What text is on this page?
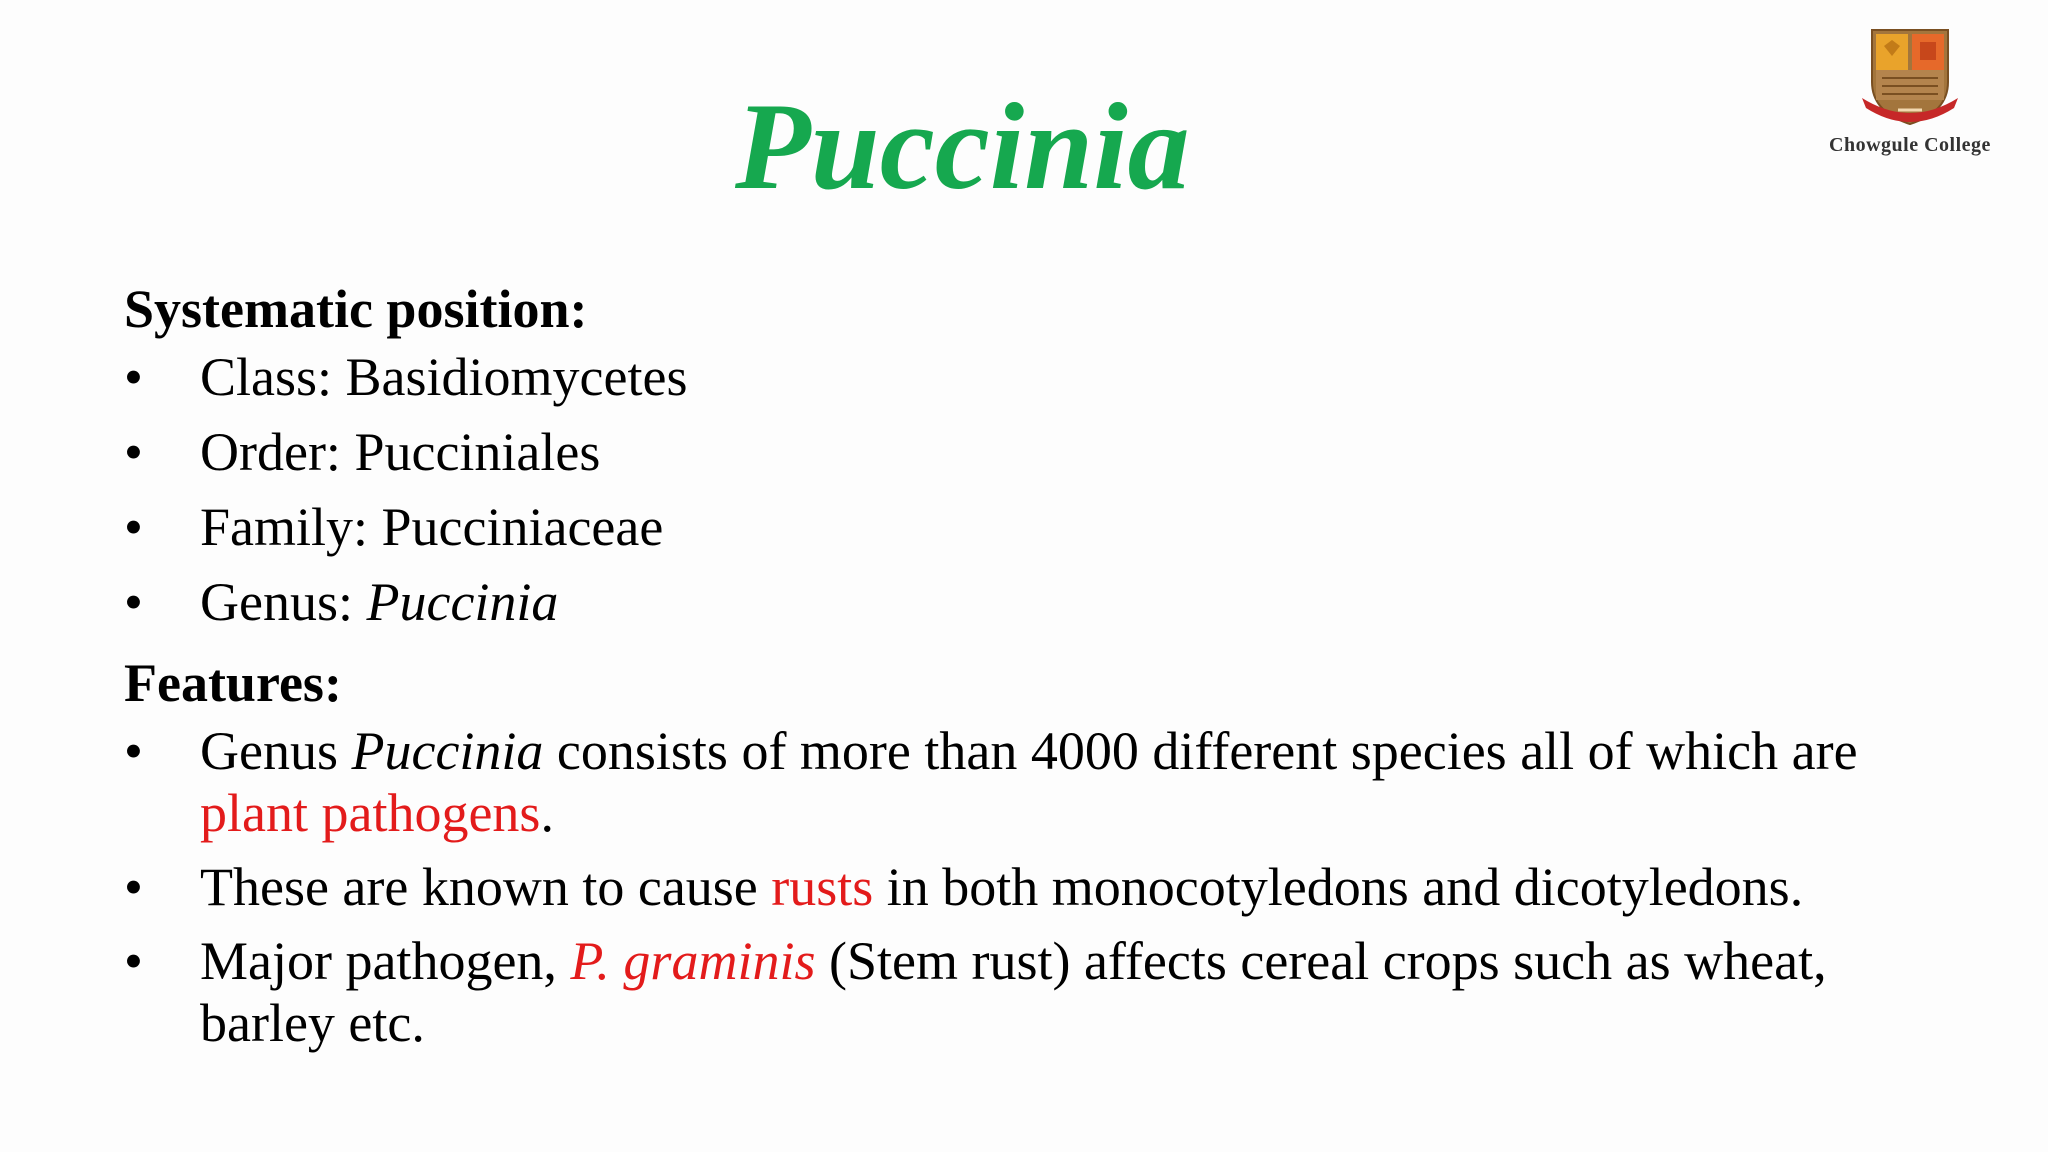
Puccinia	Chowgule College
Systematic position:
• Class: Basidiomycetes
• Order: Pucciniales
• Family: Pucciniaceae
• Genus: Puccinia
Features:
• Genus Puccinia consists of more than 4000 different species all of which are plant pathogens.
• These are known to cause rusts in both monocotyledons and dicotyledons.
• Major pathogen, P. graminis (Stem rust) affects cereal crops such as wheat, barley etc.
